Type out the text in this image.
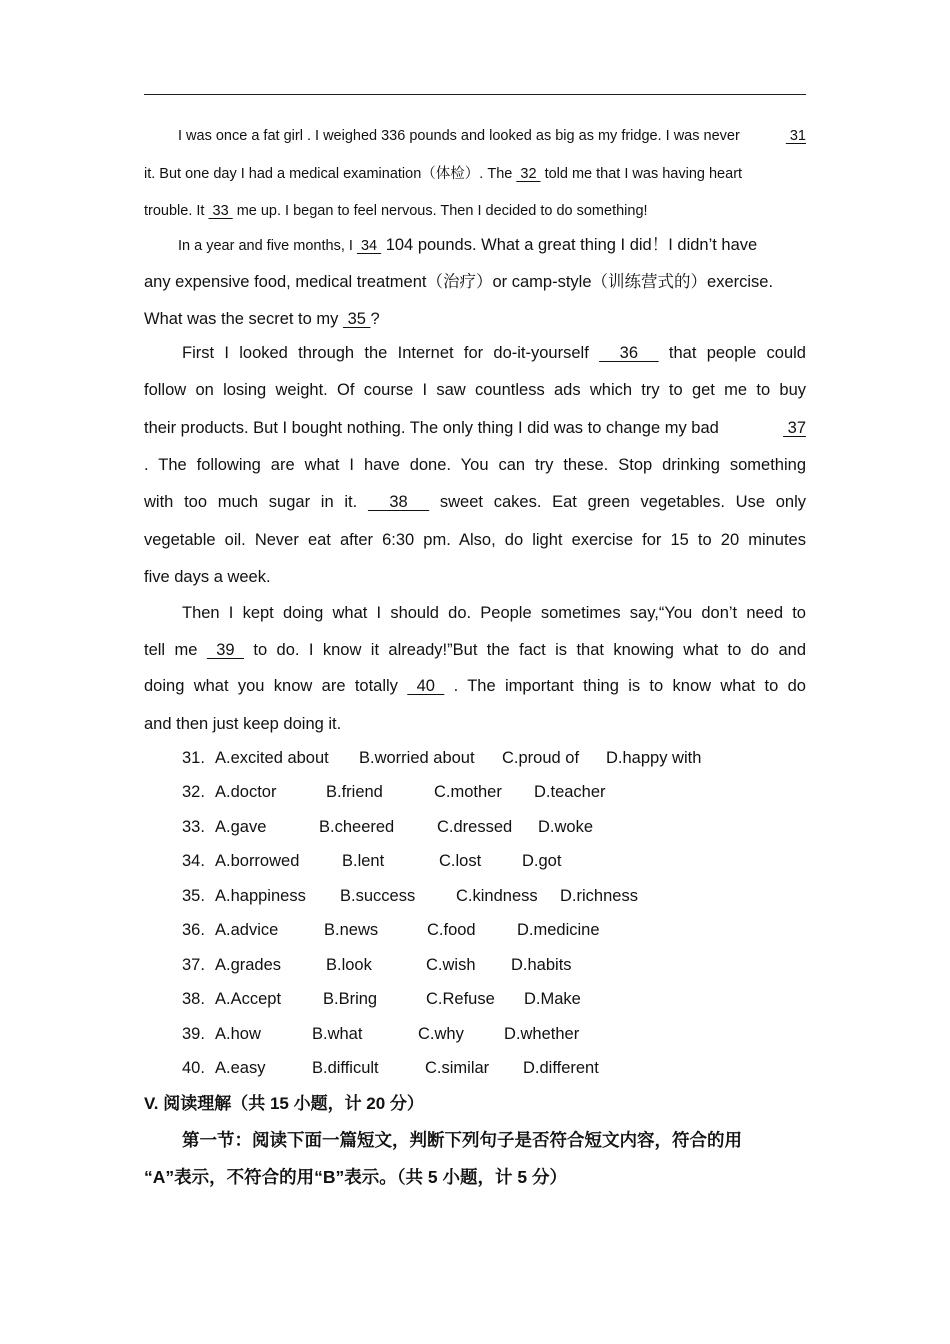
I was once a fat girl . I weighed 336 pounds and looked as big as my fridge. I was never	31
it. But one day I had a medical examination（体检）. The  32  told me that I was having heart
trouble. It  33  me up. I began to feel nervous. Then I decided to do something!
In a year and five months, I  34  104 pounds. What a great thing I did！I didn’t have
any expensive food, medical treatment（治疗）or camp-style（训练营式的）exercise.
What was the secret to my  35 ?
First I looked through the Internet for do-it-yourself   36   that people could
follow on losing weight. Of course I saw countless ads which try to get me to buy
their products. But I bought nothing. The only thing I did was to change my bad	37
. The following are what I have done. You can try these. Stop drinking something
with too much sugar in it.   38   sweet cakes. Eat green vegetables. Use only
vegetable oil. Never eat after 6:30 pm. Also, do light exercise for 15 to 20 minutes
five days a week.
Then I kept doing what I should do. People sometimes say,“You don’t need to
tell me  39  to do. I know it already!”But the fact is that knowing what to do and
doing what you know are totally  40  . The important thing is to know what to do
and then just keep doing it.
31. A.excited about B.worried about C.proud of D.happy with
32. A.doctor	B.friend	C.mother D.teacher
33. A.gave	B.cheered	C.dressed D.woke
34. A.borrowed	B.lent	C.lost D.got
35. A.happiness B.success C.kindness D.richness
36. A.advice	B.news	C.food	D.medicine
37. A.grades	B.look	C.wish D.habits
38. A.Accept	B.Bring	C.Refuse D.Make
39. A.how	B.what	C.why D.whether
40. A.easy	B.difficult	C.similar D.different
V. 阅读理解（共 15 小题，计 20 分）
第一节：阅读下面一篇短文，判断下列句子是否符合短文内容，符合的用
“A”表示，不符合的用“B”表示。（共 5 小题，计 5 分）
